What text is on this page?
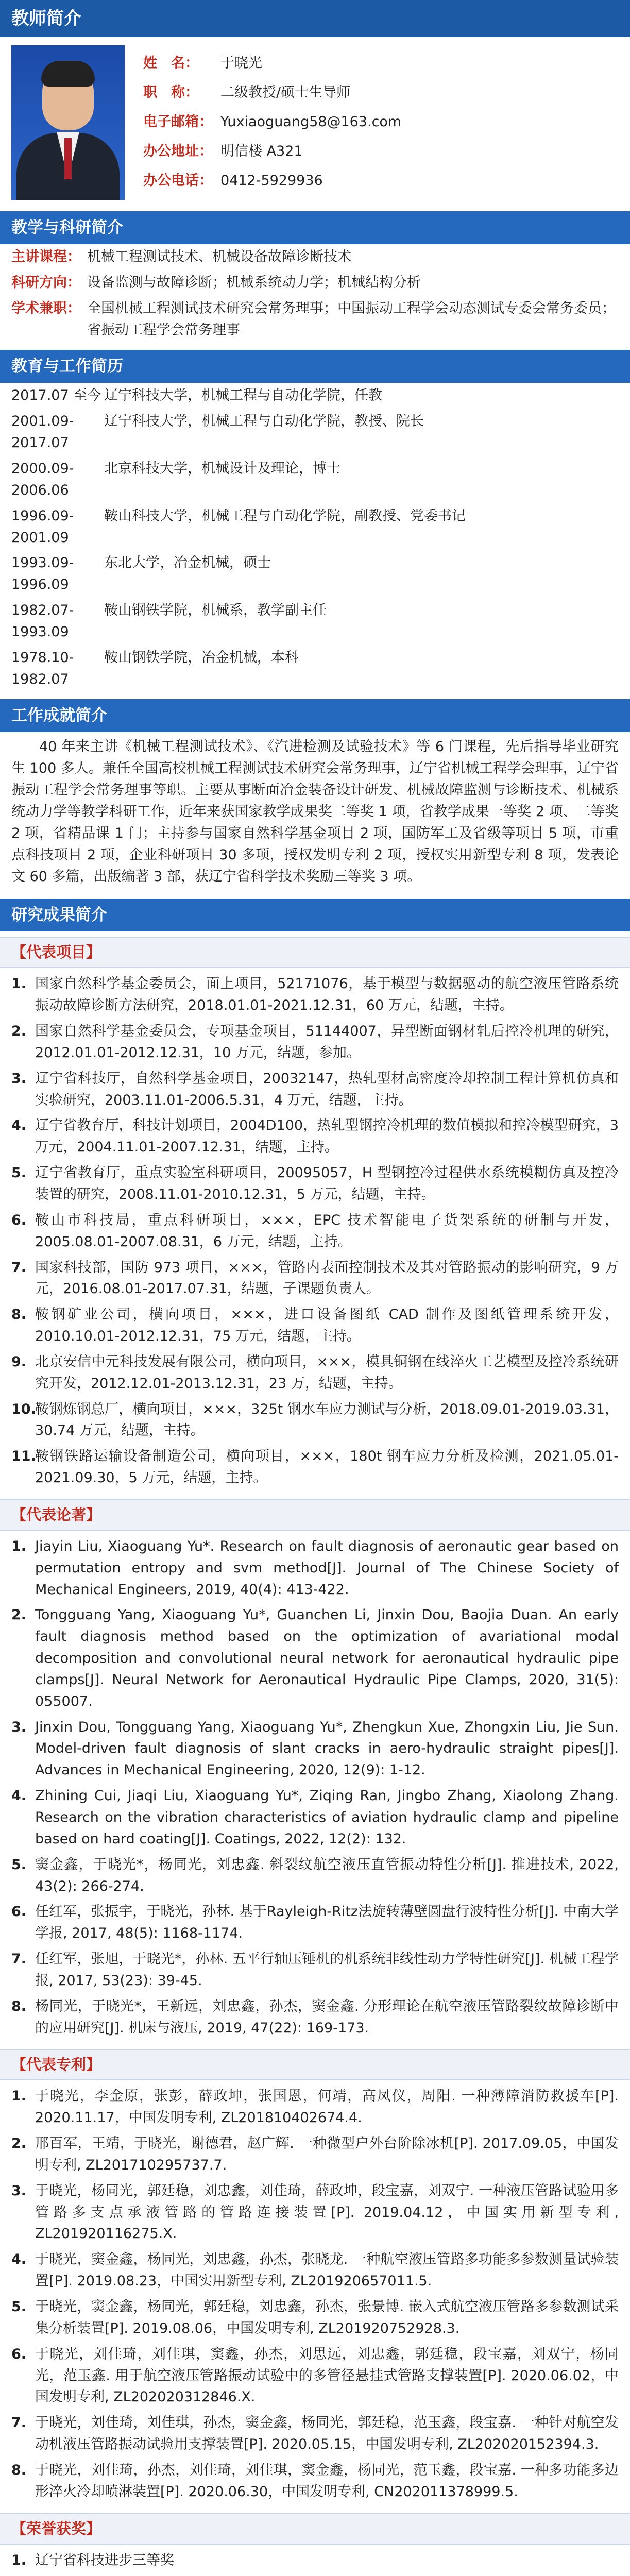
教师简介
姓　名：	于晓光
职　称：	二级教授/硕士生导师
电子邮箱： Yuxiaoguang58@163.com
办公地址： 明信楼 A321
办公电话： 0412-5929936
教学与科研简介
主讲课程： 机械工程测试技术、机械设备故障诊断技术
科研方向： 设备监测与故障诊断；机械系统动力学；机械结构分析
学术兼职： 全国机械工程测试技术研究会常务理事；中国振动工程学会动态测试专委会常务委员；省振动工程学会常务理事
教育与工作简历
2017.07 至今 辽宁科技大学，机械工程与自动化学院，任教
2001.09-2017.07
辽宁科技大学，机械工程与自动化学院，教授、院长
2000.09-2006.06
北京科技大学，机械设计及理论，博士
1996.09-2001.09
鞍山科技大学，机械工程与自动化学院，副教授、党委书记
1993.09-1996.09
东北大学，冶金机械，硕士
1982.07-1993.09
鞍山钢铁学院，机械系，教学副主任
1978.10-1982.07
鞍山钢铁学院，冶金机械，本科
工作成就简介

40 年来主讲《机械工程测试技术》、《汽进检测及试验技术》等 6 门课程，先后指导毕业研究生 100 多人。兼任全国高校机械工程测试技术研究会常务理事，辽宁省机械工程学会理事，辽宁省振动工程学会常务理事等职。主要从事断面冶金装备设计研发、机械故障监测与诊断技术、机械系统动力学等教学科研工作，近年来获国家教学成果奖二等奖 1 项，省教学成果一等奖 2 项、二等奖 2 项，省精品课 1 门；主持参与国家自然科学基金项目 2 项，国防军工及省级等项目 5 项，市重点科技项目 2 项，企业科研项目 30 多项，授权发明专利 2 项，授权实用新型专利 8 项，发表论文 60 多篇，出版编著 3 部，获辽宁省科学技术奖励三等奖 3 项。

研究成果简介
【代表项目】
1. 国家自然科学基金委员会，面上项目，52171076，基于模型与数据驱动的航空液压管路系统振动故障诊断方法研究，2018.01.01-2021.12.31，60 万元，结题，主持。
2. 国家自然科学基金委员会，专项基金项目，51144007，异型断面钢材轧后控冷机理的研究，2012.01.01-2012.12.31，10 万元，结题，参加。
3. 辽宁省科技厅，自然科学基金项目，20032147，热轧型材高密度冷却控制工程计算机仿真和实验研究，2003.11.01-2006.5.31，4 万元，结题，主持。
4. 辽宁省教育厅，科技计划项目，2004D100，热轧型钢控冷机理的数值模拟和控冷模型研究，3 万元，2004.11.01-2007.12.31，结题，主持。
5. 辽宁省教育厅，重点实验室科研项目，20095057，H 型钢控冷过程供水系统模糊仿真及控冷装置的研究，2008.11.01-2010.12.31，5 万元，结题，主持。
6. 鞍山市科技局，重点科研项目，×××，EPC 技术智能电子货架系统的研制与开发，2005.08.01-2007.08.31，6 万元，结题，主持。
7. 国家科技部，国防 973 项目，×××，管路内表面控制技术及其对管路振动的影响研究，9 万元，2016.08.01-2017.07.31，结题，子课题负责人。
8. 鞍钢矿业公司，横向项目，×××，进口设备图纸 CAD 制作及图纸管理系统开发，2010.10.01-2012.12.31，75 万元，结题，主持。
9. 北京安信中元科技发展有限公司，横向项目，×××，模具铜钢在线淬火工艺模型及控冷系统研究开发，2012.12.01-2013.12.31，23 万，结题，主持。
10.
鞍钢炼钢总厂，横向项目，×××，325t 钢水车应力测试与分析，2018.09.01-2019.03.31，30.74 万元，结题，主持。
11.
鞍钢铁路运输设备制造公司，横向项目，×××，180t 钢车应力分析及检测，2021.05.01-2021.09.30，5 万元，结题，主持。
【代表论著】
1. Jiayin Liu, Xiaoguang Yu*. Research on fault diagnosis of aeronautic gear based on permutation entropy and svm method[J]. Journal of The Chinese Society of Mechanical Engineers, 2019, 40(4): 413-422.
2. Tongguang Yang, Xiaoguang Yu*, Guanchen Li, Jinxin Dou, Baojia Duan. An early fault diagnosis method based on the optimization of avariational modal decomposition and convolutional neural network for aeronautical hydraulic pipe clamps[J]. Neural Network for Aeronautical Hydraulic Pipe Clamps, 2020, 31(5): 055007.
3. Jinxin Dou, Tongguang Yang, Xiaoguang Yu*, Zhengkun Xue, Zhongxin Liu, Jie Sun. Model-driven fault diagnosis of slant cracks in aero-hydraulic straight pipes[J]. Advances in Mechanical Engineering, 2020, 12(9): 1-12.
4. Zhining Cui, Jiaqi Liu, Xiaoguang Yu*, Ziqing Ran, Jingbo Zhang, Xiaolong Zhang. Research on the vibration characteristics of aviation hydraulic clamp and pipeline based on hard coating[J]. Coatings, 2022, 12(2): 132.
5. 窦金鑫，于晓光*，杨同光，刘忠鑫. 斜裂纹航空液压直管振动特性分析[J]. 推进技术, 2022, 43(2): 266-274.
6. 任红军，张振宇，于晓光，孙林. 基于Rayleigh-Ritz法旋转薄壁圆盘行波特性分析[J]. 中南大学学报, 2017, 48(5): 1168-1174.
7. 任红军，张旭，于晓光*，孙林. 五平行轴压锤机的机系统非线性动力学特性研究[J]. 机械工程学报, 2017, 53(23): 39-45.
8. 杨同光，于晓光*，王新远，刘忠鑫，孙杰，窦金鑫. 分形理论在航空液压管路裂纹故障诊断中的应用研究[J]. 机床与液压, 2019, 47(22): 169-173.
【代表专利】
1. 于晓光，李金原，张彭，薛政坤，张国恩，何靖，高凤仪，周阳. 一种薄障消防救援车[P]. 2020.11.17，中国发明专利, ZL201810402674.4.
2. 邢百军，王靖，于晓光，谢德君，赵广辉. 一种微型户外台阶除冰机[P]. 2017.09.05，中国发明专利, ZL201710295737.7.
3. 于晓光，杨同光，郭廷稳，刘忠鑫，刘佳琦，薛政坤，段宝嘉，刘双宁. 一种液压管路试验用多管路多支点承液管路的管路连接装置[P]. 2019.04.12，中国实用新型专利, ZL201920116275.X.
4. 于晓光，窦金鑫，杨同光，刘忠鑫，孙杰，张晓龙. 一种航空液压管路多功能多参数测量试验装置[P]. 2019.08.23，中国实用新型专利, ZL201920657011.5.
5. 于晓光，窦金鑫，杨同光，郭廷稳，刘忠鑫，孙杰，张景博. 嵌入式航空液压管路多参数测试采集分析装置[P]. 2019.08.06，中国发明专利, ZL201920752928.3.
6. 于晓光，刘佳琦，刘佳琪，窦鑫，孙杰，刘思远，刘忠鑫，郭廷稳，段宝嘉，刘双宁，杨同光，范玉鑫. 用于航空液压管路振动试验中的多管径悬挂式管路支撑装置[P]. 2020.06.02，中国发明专利, ZL202020312846.X.
7. 于晓光，刘佳琦，刘佳琪，孙杰，窦金鑫，杨同光，郭廷稳，范玉鑫，段宝嘉. 一种针对航空发动机液压管路振动试验用支撑装置[P]. 2020.05.15，中国发明专利, ZL202020152394.3.
8. 于晓光，刘佳琦，孙杰，刘佳琦，刘佳琪，窦金鑫，杨同光，范玉鑫，段宝嘉. 一种多功能多边形淬火冷却喷淋装置[P]. 2020.06.30，中国发明专利, CN202011378999.5.
【荣誉获奖】
1. 辽宁省科技进步三等奖
